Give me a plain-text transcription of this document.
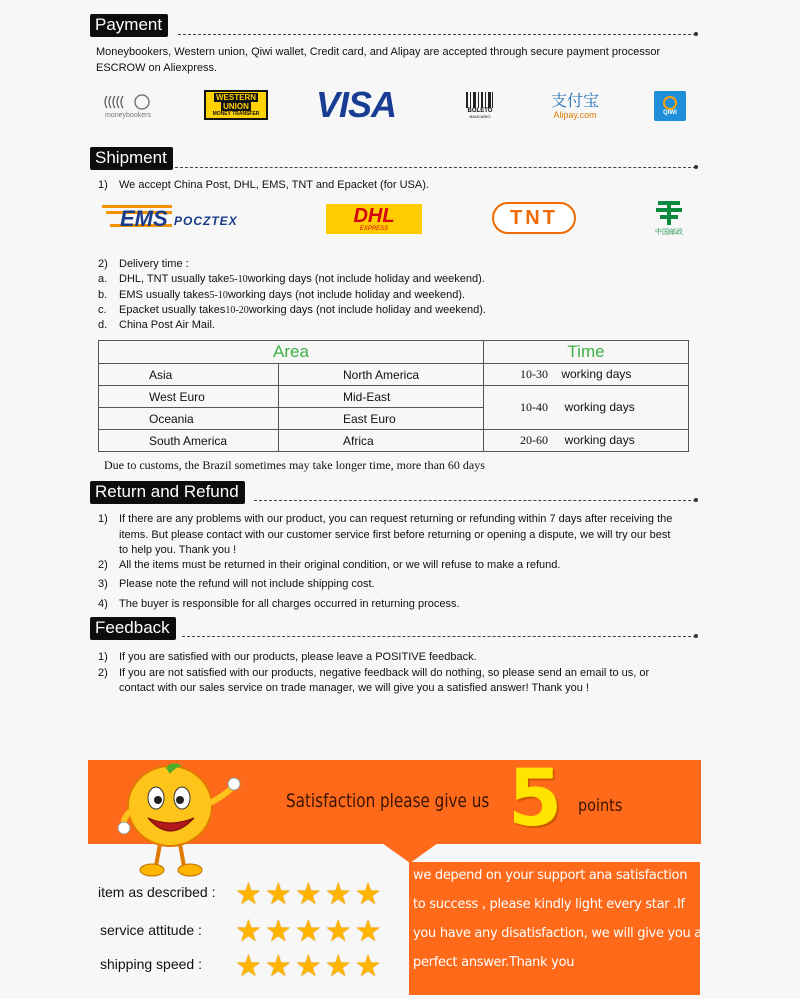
Payment
Moneybookers, Western union, Qiwi wallet, Credit card, and Alipay are accepted through secure payment processor
ESCROW on Aliexpress.
moneybookers
WESTERN
UNION
MONEY TRANSFER VISA	BOLETO
BANCARIO
支付宝
Alipay.com	QIWI
Shipment
1) We accept China Post, DHL, EMS, TNT and Epacket (for USA).
EMS POCZTEX	DHL
EXPRESS
TNT
中国邮政
2) Delivery time :
a. DHL, TNT usually take5-10working days (not include holiday and weekend).
b. EMS usually takes5-10working days (not include holiday and weekend).
c. Epacket usually takes10-20working days (not include holiday and weekend).
d. China Post Air Mail.
Area		Time
Asia	North America	10-30 working days
West Euro	Mid-East	10-40 working days
Oceania	East Euro	
South America	Africa	20-60 working days
Due to customs, the Brazil sometimes may take longer time, more than 60 days
Return and Refund
1) If there are any problems with our product, you can request returning or refunding within 7 days after receiving the
items. But please contact with our customer service first before returning or opening a dispute, we will try our best
to help you. Thank you !
2) All the items must be returned in their original condition, or we will refuse to make a refund.
3) Please note the refund will not include shipping cost.
4) The buyer is responsible for all charges occurred in returning process.
Feedback
1) If you are satisfied with our products, please leave a POSITIVE feedback.
2) If you are not satisfied with our products, negative feedback will do nothing, so please send an email to us, or
contact with our sales service on trade manager, we will give you a satisfied answer! Thank you !
Satisfaction please give us 5 points
item as described : ★ ★ ★ ★ ★
service attitude : ★ ★ ★ ★ ★
shipping speed : ★ ★ ★ ★ ★
we depend on your support ana satisfaction
to success , please kindly light every star .If
you have any disatisfaction, we will give you a
perfect answer.Thank you
